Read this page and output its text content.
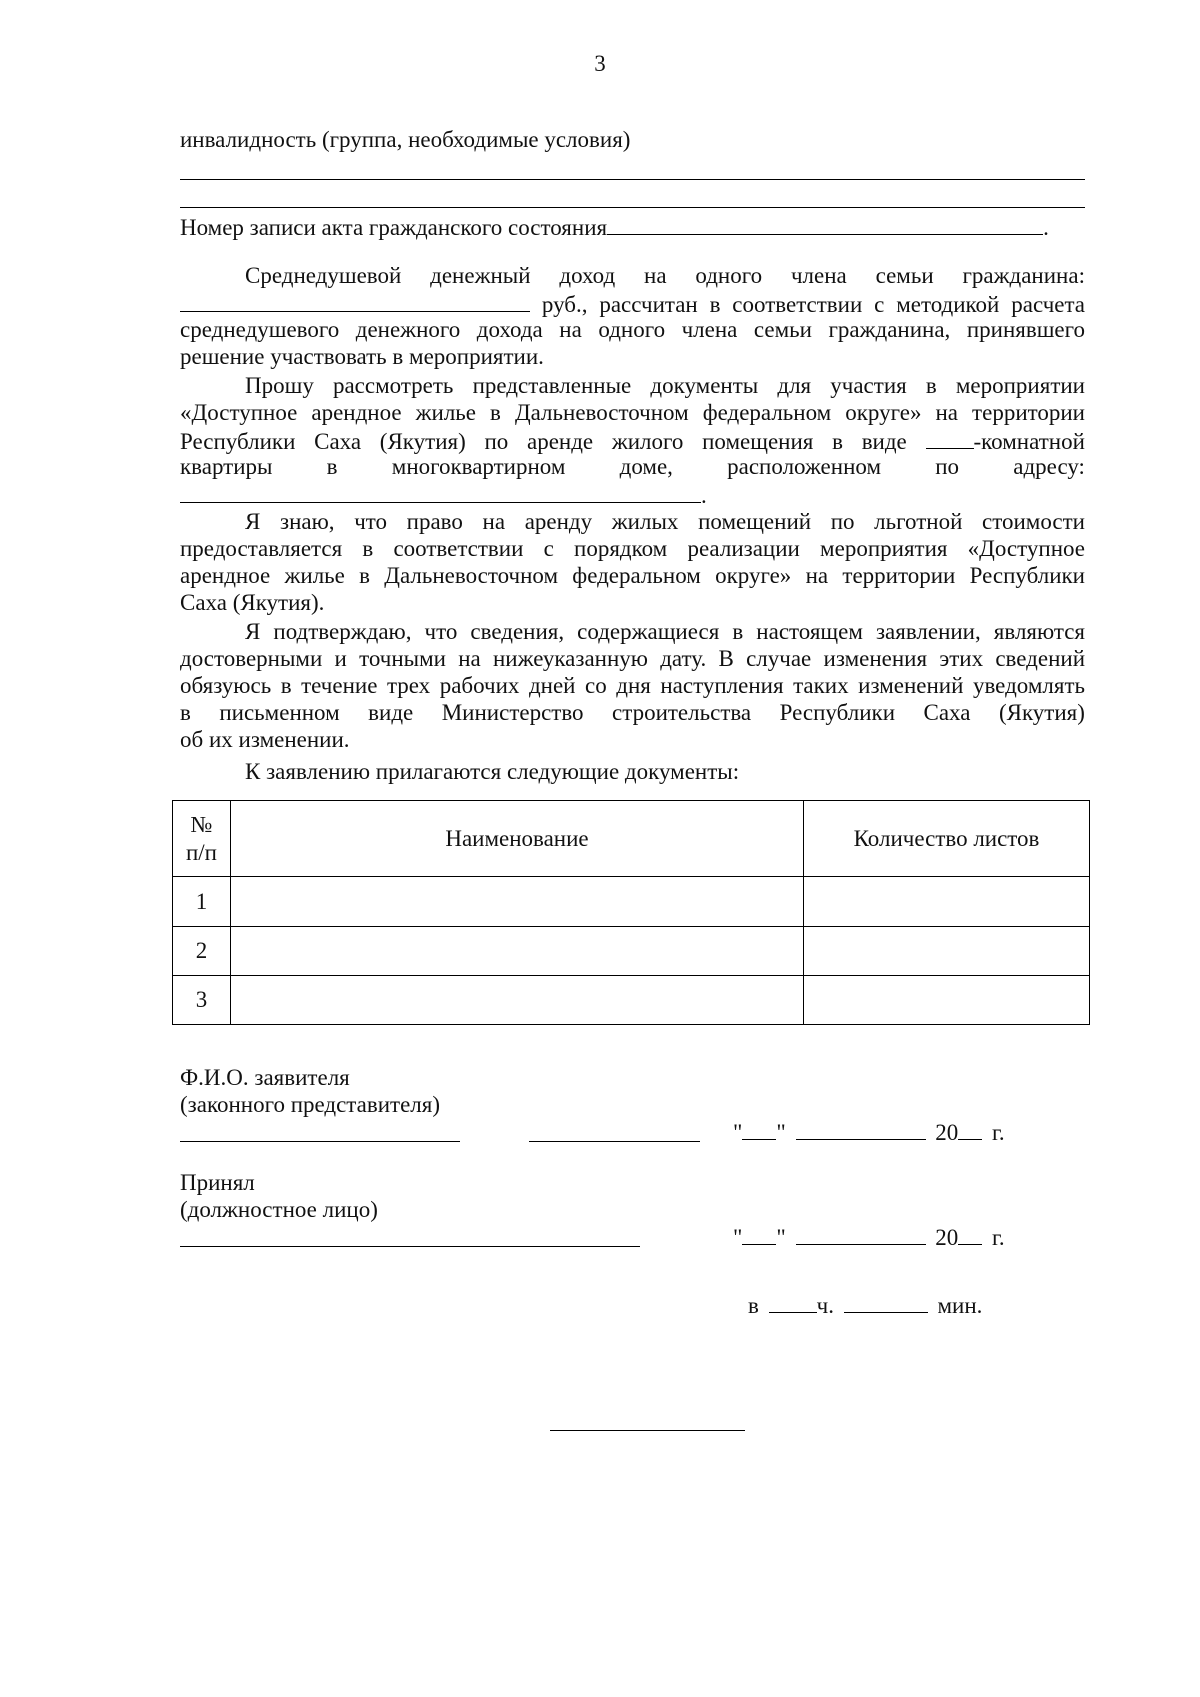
3
инвалидность (группа, необходимые условия)
Номер записи акта гражданского состояния	.
Среднедушевой денежный доход на одного члена семьи гражданина:
руб., рассчитан в соответствии с методикой расчета
среднедушевого денежного дохода на одного члена семьи гражданина, принявшего
решение участвовать в мероприятии.
Прошу рассмотреть представленные документы для участия в мероприятии
«Доступное арендное жилье в Дальневосточном федеральном округе» на территории
Республики Саха (Якутия) по аренде жилого помещения в виде	-комнатной
квартиры в многоквартирном доме, расположенном по адресу:
.
Я знаю, что право на аренду жилых помещений по льготной стоимости
предоставляется в соответствии с порядком реализации мероприятия «Доступное
арендное жилье в Дальневосточном федеральном округе» на территории Республики
Саха (Якутия).
Я подтверждаю, что сведения, содержащиеся в настоящем заявлении, являются
достоверными и точными на нижеуказанную дату. В случае изменения этих сведений
обязуюсь в течение трех рабочих дней со дня наступления таких изменений уведомлять
в письменном виде Министерство строительства Республики Саха (Якутия)
об их изменении.
К заявлению прилагаются следующие документы:
№
п/п	Наименование	Количество листов
1		
2		
3		
Ф.И.О. заявителя
(законного представителя)
" "	20 г.
Принял
(должностное лицо)
" "	20 г.
в	ч.	мин.
